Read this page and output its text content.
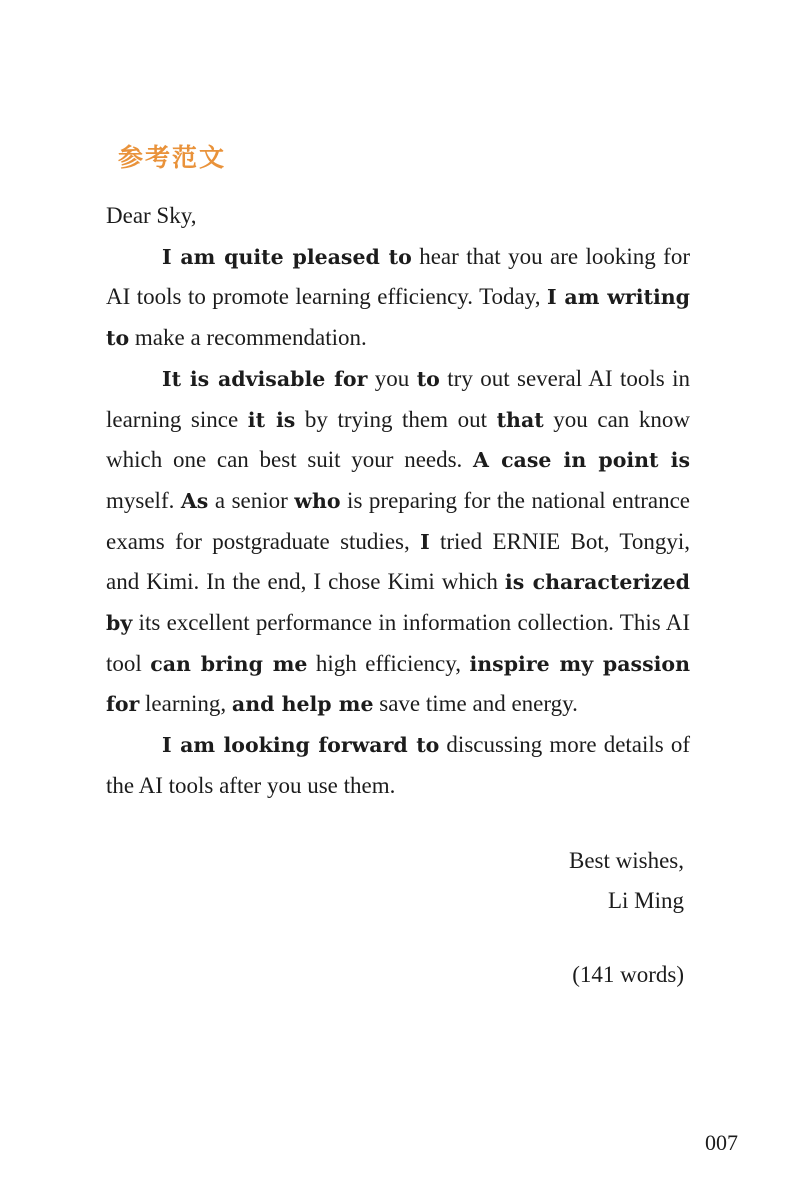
参考范文

Dear Sky,

I am quite pleased to hear that you are looking for AI tools to promote learning efficiency. Today, I am writing to make a recommendation.

It is advisable for you to try out several AI tools in learning since it is by trying them out that you can know which one can best suit your needs. A case in point is myself. As a senior who is preparing for the national entrance exams for postgraduate studies, I tried ERNIE Bot, Tongyi, and Kimi. In the end, I chose Kimi which is characterized by its excellent performance in information collection. This AI tool can bring me high efficiency, inspire my passion for learning, and help me save time and energy.

I am looking forward to discussing more details of the AI tools after you use them.

Best wishes,

Li Ming

(141 words)

007
